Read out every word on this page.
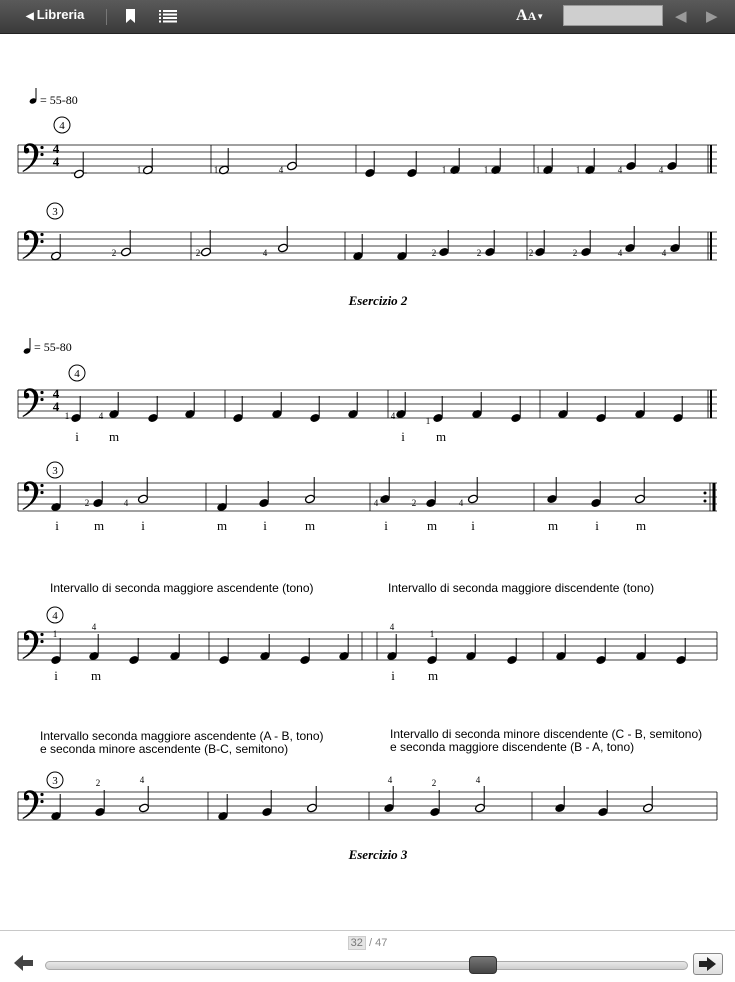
◀ Libreria	AA▼	◀ ▶
= 55-80
4
3
Esercizio 2
= 55-80
4
3
Intervallo di seconda maggiore ascendente (tono)	Intervallo di seconda maggiore discendente (tono)
4
Intervallo seconda maggiore ascendente (A - B, tono)
e seconda minore ascendente (B-C, semitono)
Intervallo di seconda minore discendente (C - B, semitono)
e seconda maggiore discendente (B - A, tono)
3
Esercizio 3
1	1	4	1	1	1	1	4	4
2	2	4	2	2	2	2	4	4
1	4	4	1
i m	i m
2	4	4	2	4
i	m	i	m	i	m	i	m	i	m	i	m
1
4	4
1
i	m	i	m
2	4	4	2	4
32 / 47
